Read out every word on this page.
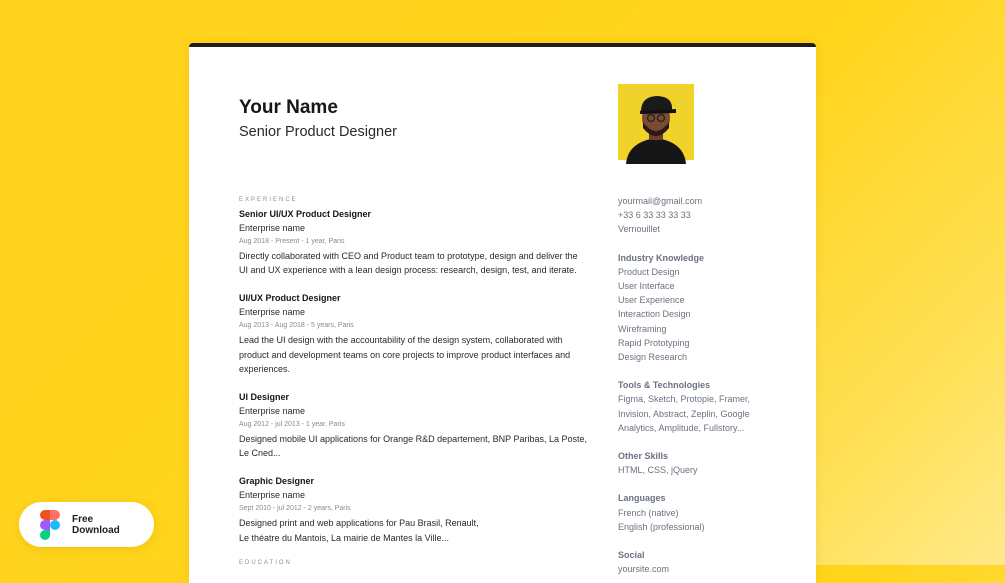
Your Name
Senior Product Designer
EXPERIENCE
Senior UI/UX Product Designer
Enterprise name
Aug 2018 - Present - 1 year, Paris
Directly collaborated with CEO and Product team to prototype, design and deliver the
UI and UX experience with a lean design process: research, design, test, and iterate.
UI/UX Product Designer
Enterprise name
Aug 2013 - Aug 2018 - 5 years, Paris
Lead the UI design with the accountability of the design system, collaborated with
product and development teams on core projects to improve product interfaces and
experiences.
UI Designer
Enterprise name
Aug 2012 - jul 2013 - 1 year, Paris
Designed mobile UI applications for Orange R&D departement, BNP Paribas, La Poste,
Le Cned...
Graphic Designer
Enterprise name
Sept 2010 - jul 2012 - 2 years, Paris
Designed print and web applications for Pau Brasil, Renault,
Le théatre du Mantois, La mairie de Mantes la Ville...
EDUCATION
yourmail@gmail.com
+33 6 33 33 33 33
Vernouillet
Industry Knowledge
Product Design
User Interface
User Experience
Interaction Design
Wireframing
Rapid Prototyping
Design Research
Tools & Technologies
Figma, Sketch, Protopie, Framer,
Invision, Abstract, Zeplin, Google
Analytics, Amplitude, Fullstory...
Other Skills
HTML, CSS, jQuery
Languages
French (native)
English (professional)
Social
yoursite.com
Free
Download
